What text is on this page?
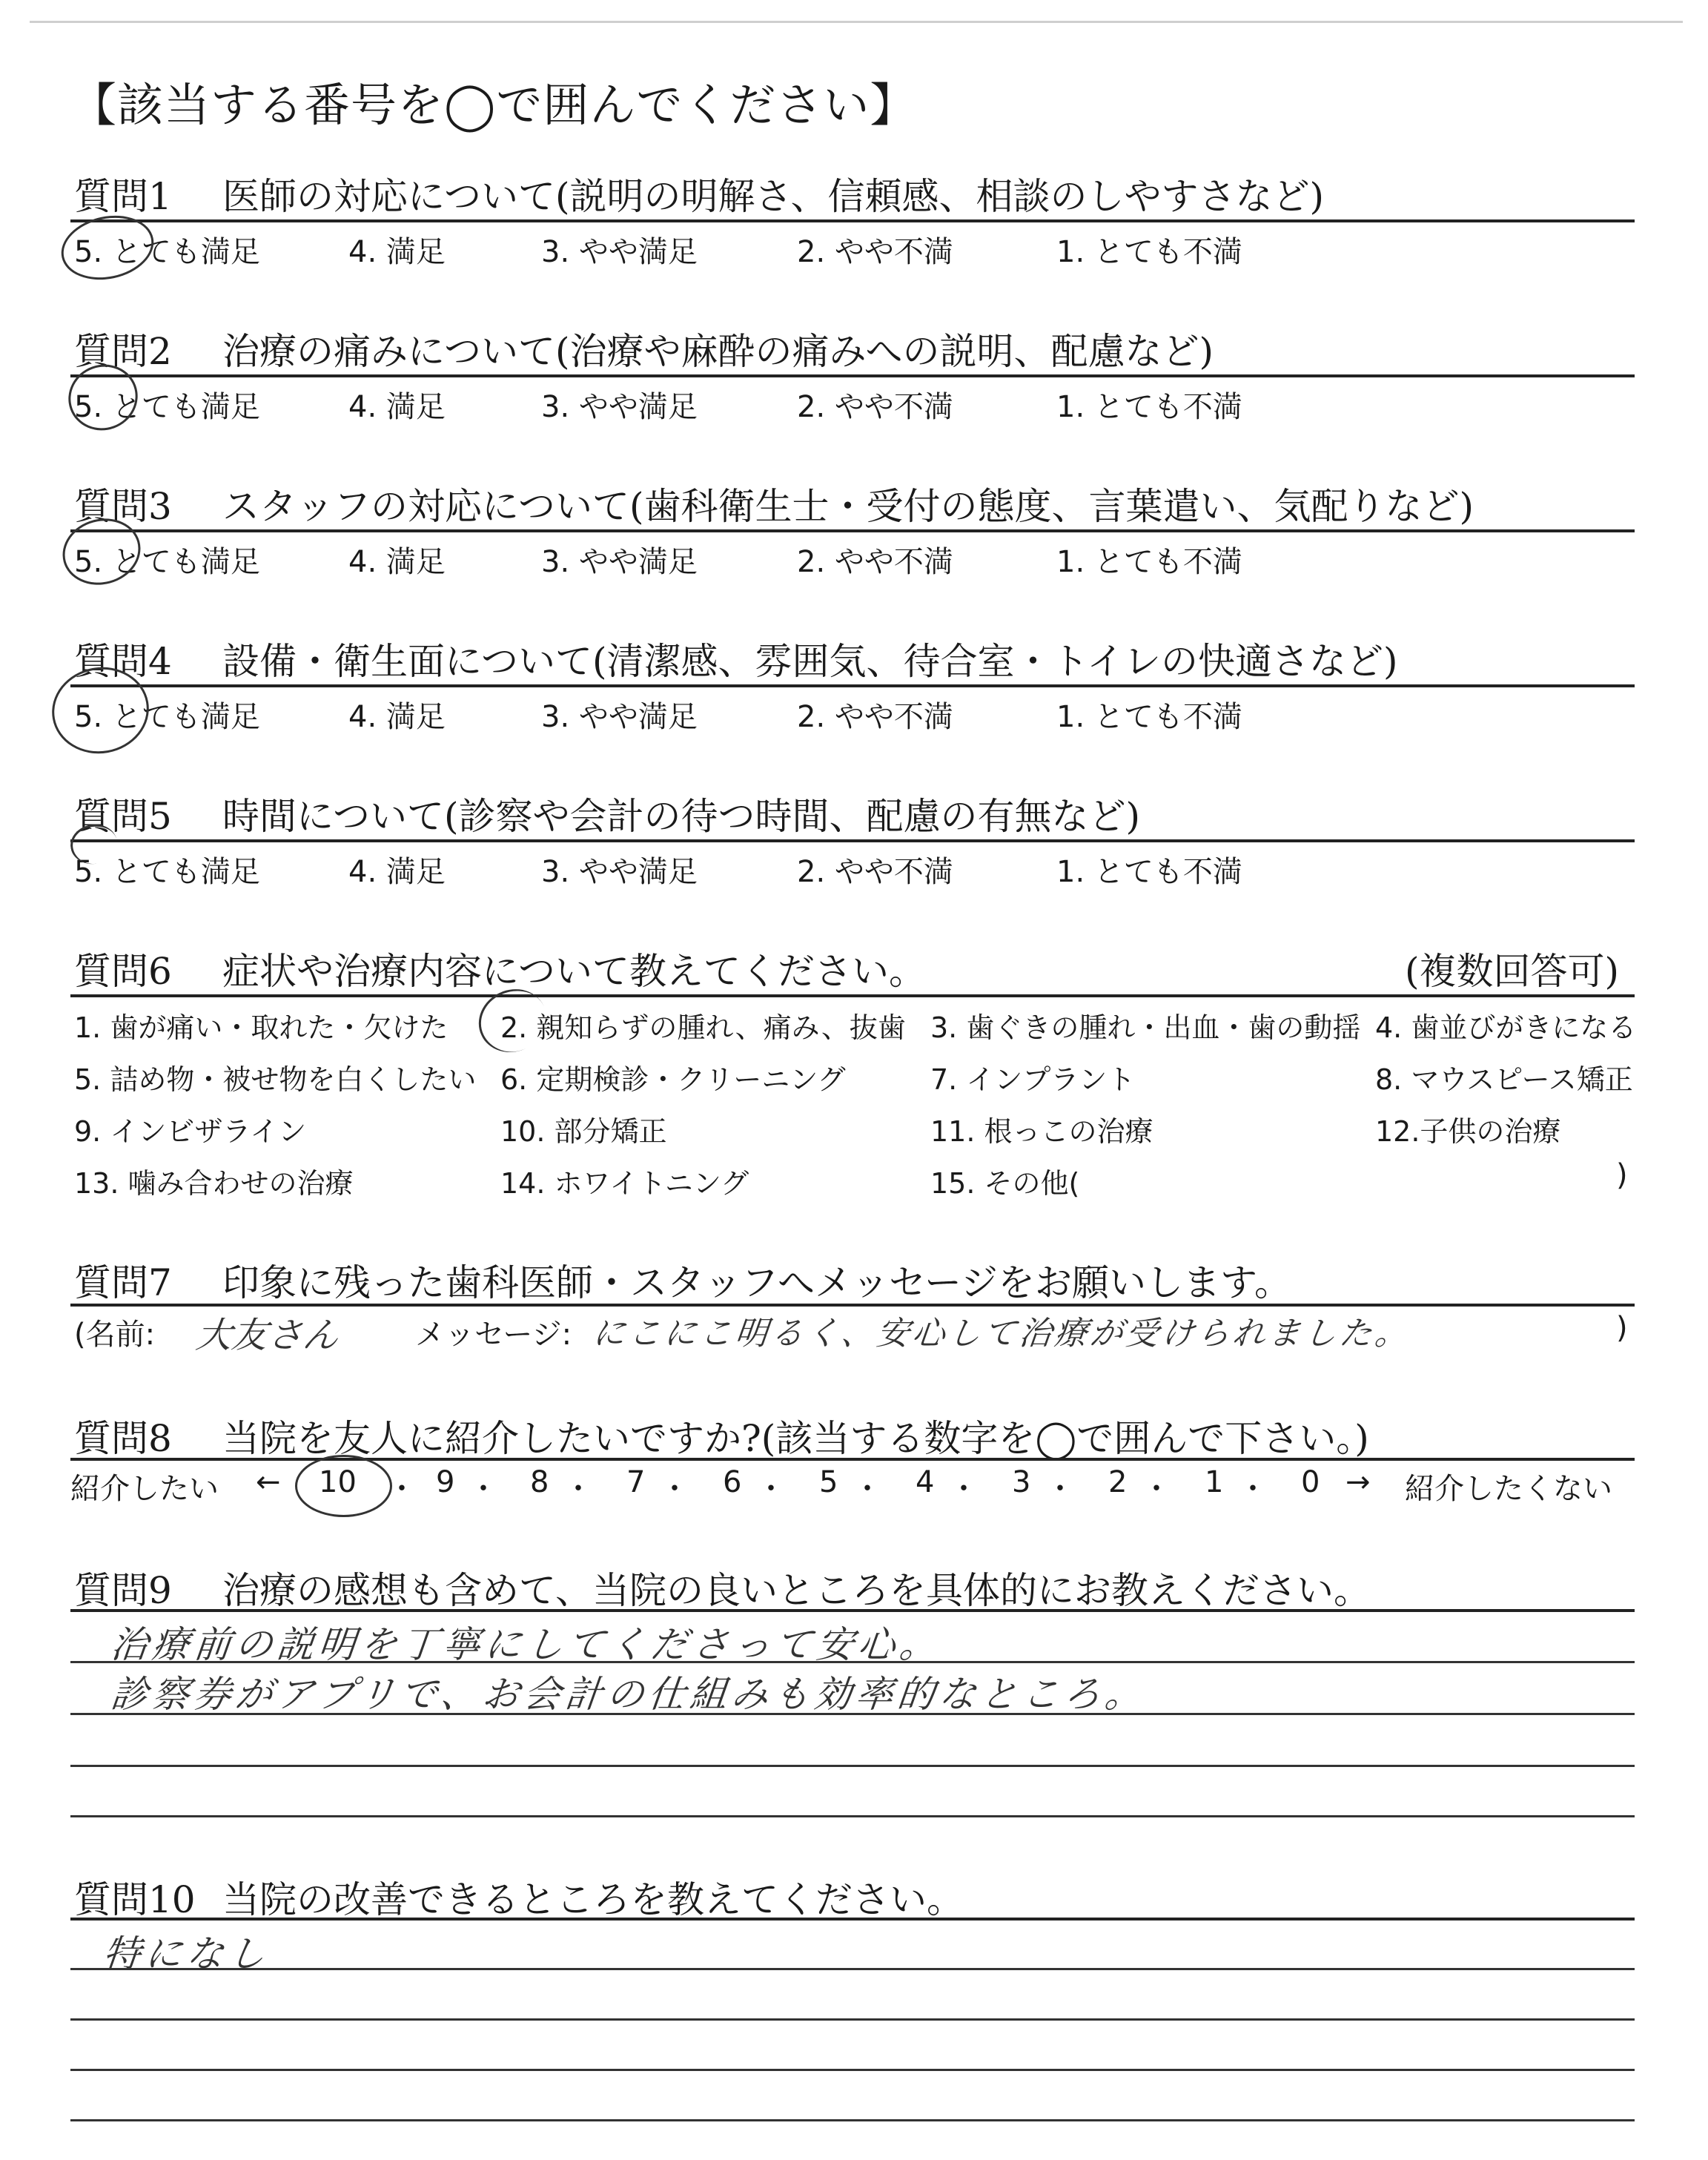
【該当する番号を◯で囲んでください】
質問1 医師の対応について(説明の明解さ、信頼感、相談のしやすさなど)
5. とても満足	4. 満足	3. やや満足	2. やや不満	1. とても不満
質問2 治療の痛みについて(治療や麻酔の痛みへの説明、配慮など)
5. とても満足	4. 満足	3. やや満足	2. やや不満	1. とても不満
質問3 スタッフの対応について(歯科衛生士・受付の態度、言葉遣い、気配りなど)
5. とても満足	4. 満足	3. やや満足	2. やや不満	1. とても不満
質問4 設備・衛生面について(清潔感、雰囲気、待合室・トイレの快適さなど)
5. とても満足	4. 満足	3. やや満足	2. やや不満	1. とても不満
質問5 時間について(診察や会計の待つ時間、配慮の有無など)
5. とても満足	4. 満足	3. やや満足	2. やや不満	1. とても不満
質問6 症状や治療内容について教えてください。	(複数回答可)
1. 歯が痛い・取れた・欠けた 2. 親知らずの腫れ、痛み、抜歯 3. 歯ぐきの腫れ・出血・歯の動揺 4. 歯並びがきになる
5. 詰め物・被せ物を白くしたい 6. 定期検診・クリーニング	7. インプラント	8. マウスピース矯正
9. インビザライン	10. 部分矯正	11. 根っこの治療	12.子供の治療
13. 噛み合わせの治療	14. ホワイトニング	15. その他(	)
質問7 印象に残った歯科医師・スタッフへメッセージをお願いします。
(名前: 大友さん	メッセージ: にこにこ明るく、安心して治療が受けられました。	)
質問8 当院を友人に紹介したいですか?(該当する数字を◯で囲んで下さい。)
紹介したい ← 10 ・ 9 ・ 8 ・ 7 ・ 6 ・ 5 ・ 4 ・ 3 ・ 2 ・ 1 ・ 0 → 紹介したくない
質問9 治療の感想も含めて、当院の良いところを具体的にお教えください。
治療前の説明を丁寧にしてくださって安心。
診察券がアプリで、お会計の仕組みも効率的なところ。
質問10 当院の改善できるところを教えてください。
特になし
